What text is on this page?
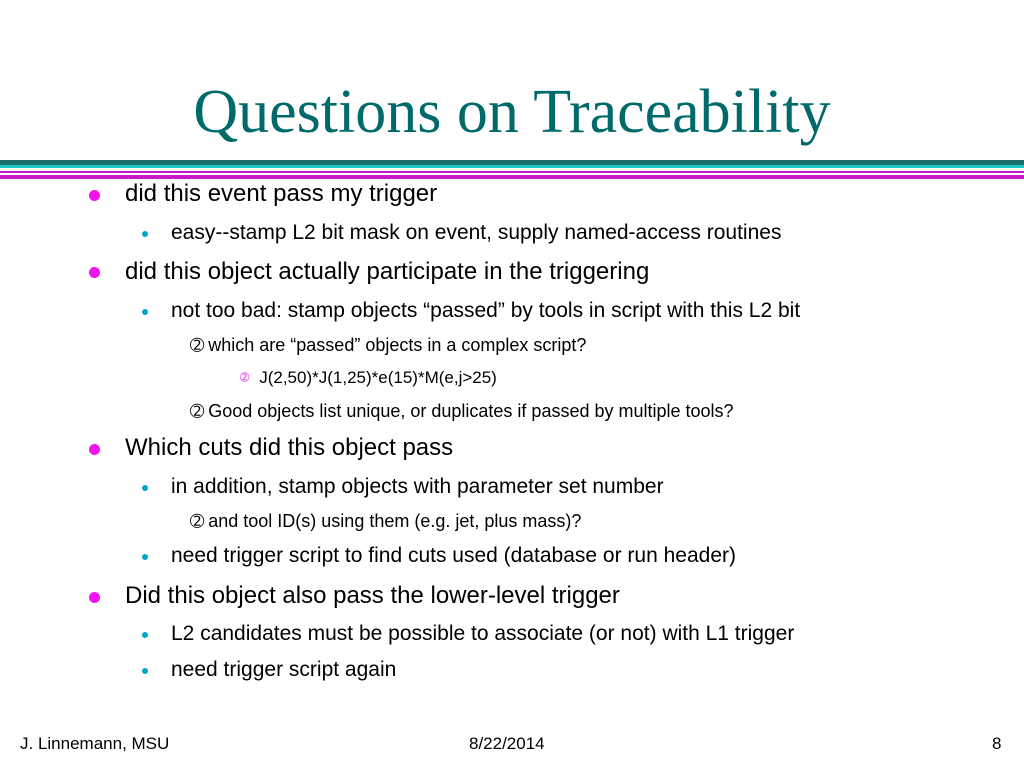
Questions on Traceability
did this event pass my trigger
easy--stamp L2 bit mask on event, supply named-access routines
did this object actually participate in the triggering
not too bad: stamp objects “passed” by tools in script with this L2 bit
➁ which are “passed” objects in a complex script?
➁ J(2,50)*J(1,25)*e(15)*M(e,j>25)
➁ Good objects list unique, or duplicates if passed by multiple tools?
Which cuts did this object pass
in addition, stamp objects with parameter set number
➁ and tool ID(s) using them (e.g. jet, plus mass)?
need trigger script to find cuts used (database or run header)
Did this object also pass the lower-level trigger
L2 candidates must be possible to associate (or not) with L1 trigger
need trigger script again
J. Linnemann, MSU	8/22/2014	8
